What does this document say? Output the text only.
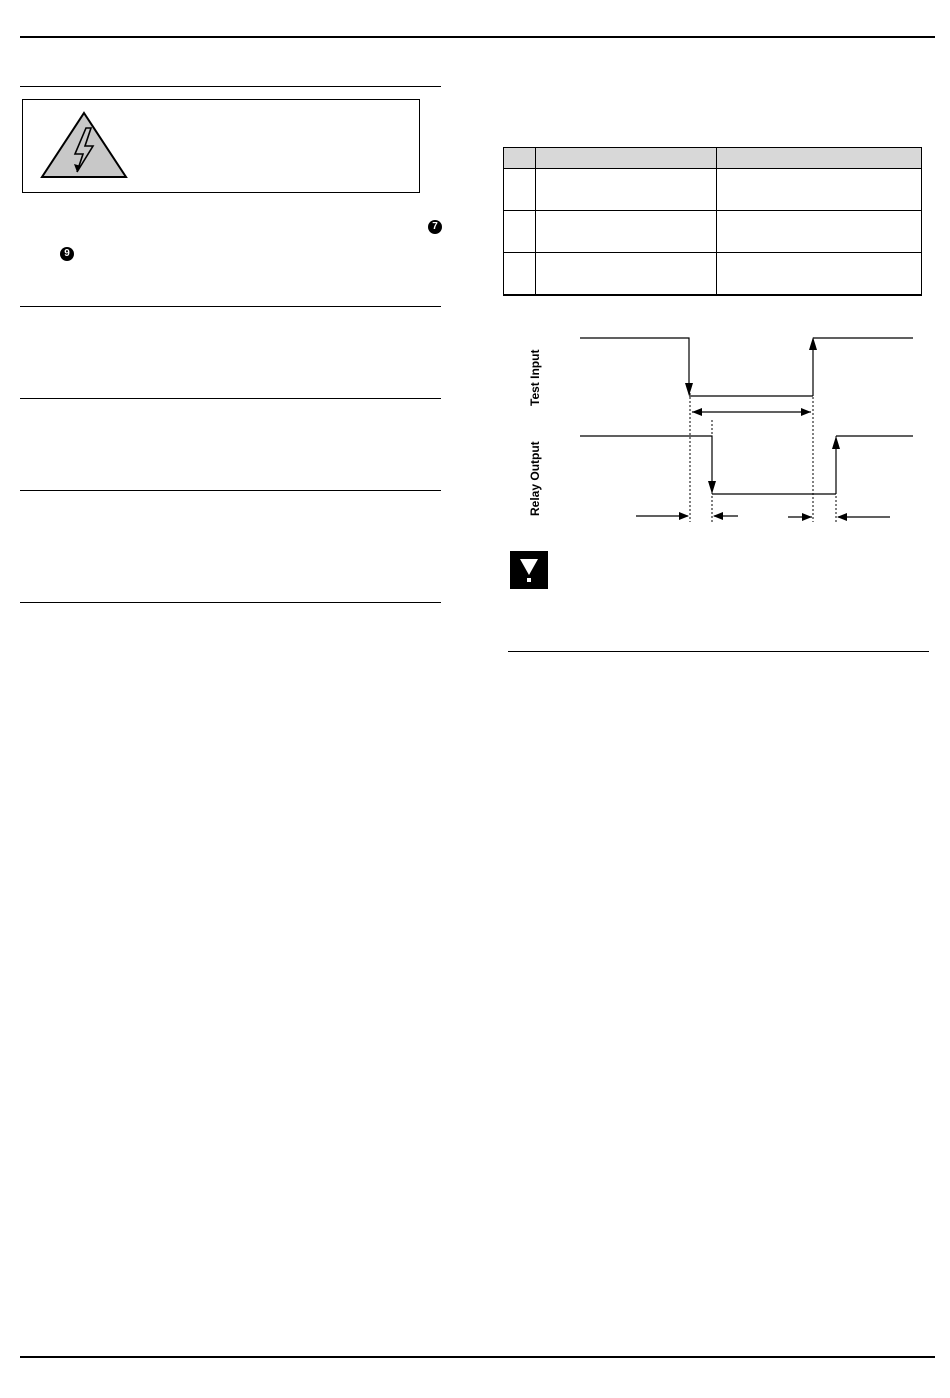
7
9

Test Input
Relay Output
